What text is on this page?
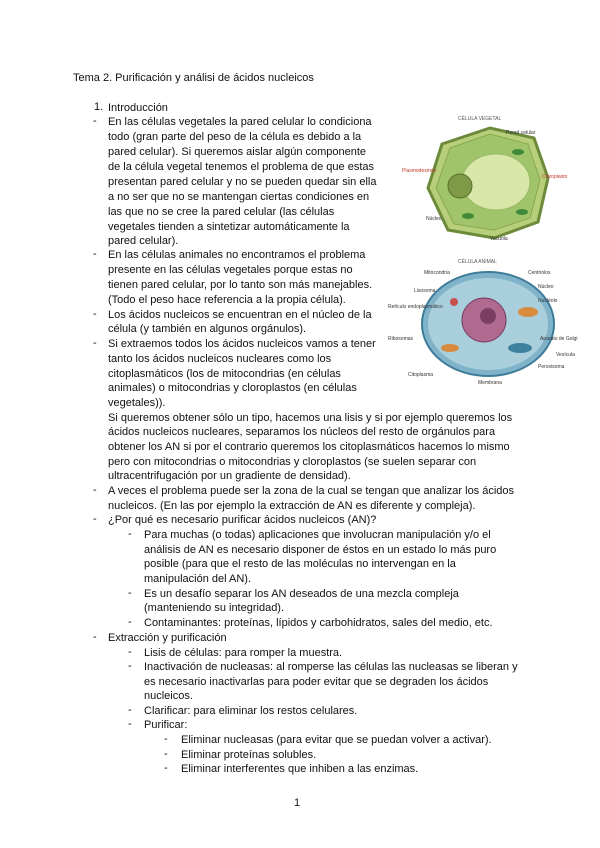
Tema 2. Purificación y análisi de ácidos nucleicos
1. Introducción
- En las células vegetales la pared celular lo condiciona
todo (gran parte del peso de la célula es debido a la
pared celular). Si queremos aislar algún componente
de la célula vegetal tenemos el problema de que estas
presentan pared celular y no se pueden quedar sin ella
a no ser que no se mantengan ciertas condiciones en
las que no se cree la pared celular (las células
vegetales tienden a sintetizar automáticamente la
pared celular).
- En las células animales no encontramos el problema
presente en las células vegetales porque estas no
tienen pared celular, por lo tanto son más manejables.
(Todo el peso hace referencia a la propia célula).
- Los ácidos nucleicos se encuentran en el núcleo de la
célula (y también en algunos orgánulos).
- Si extraemos todos los ácidos nucleicos vamos a tener
tanto los ácidos nucleicos nucleares como los
citoplasmáticos (los de mitocondrias (en células
animales) o mitocondrias y cloroplastos (en células
vegetales)).
Si queremos obtener sólo un tipo, hacemos una lisis y si por ejemplo queremos los
ácidos nucleicos nucleares, separamos los núcleos del resto de orgánulos para
obtener los AN si por el contrario queremos los citoplasmáticos hacemos lo mismo
pero con mitocondrias o mitocondrias y cloroplastos (se suelen separar con
ultracentrifugación por un gradiente de densidad).
- A veces el problema puede ser la zona de la cual se tengan que analizar los ácidos
nucleicos. (En las por ejemplo la extracción de AN es diferente y compleja).
- ¿Por qué es necesario purificar ácidos nucleicos (AN)?
- Para muchas (o todas) aplicaciones que involucran manipulación y/o el
análisis de AN es necesario disponer de éstos en un estado lo más puro
posible (para que el resto de las moléculas no intervengan en la
manipulación del AN).
- Es un desafío separar los AN deseados de una mezcla compleja
(manteniendo su integridad).
- Contaminantes: proteínas, lípidos y carbohidratos, sales del medio, etc.
- Extracción y purificación
- Lisis de células: para romper la muestra.
- Inactivación de nucleasas: al romperse las células las nucleasas se liberan y
es necesario inactivarlas para poder evitar que se degraden los ácidos
nucleicos.
- Clarificar: para eliminar los restos celulares.
- Purificar:
- Eliminar nucleasas (para evitar que se puedan volver a activar).
- Eliminar proteínas solubles.
- Eliminar interferentes que inhiben a las enzimas.
CÉLULA VEGETAL
Pared celular
Núcleo
Plasmodesmos
Cloroplasto
Vacuola
CÉLULA ANIMAL
Mitocondria	Centriolos
Lisosoma
Retículo endoplasmático
Ribosomas
Núcleo
Aparato de Golgi
Vesícula
Citoplasma
Membrana
Nucléolo
Peroxisoma
1
